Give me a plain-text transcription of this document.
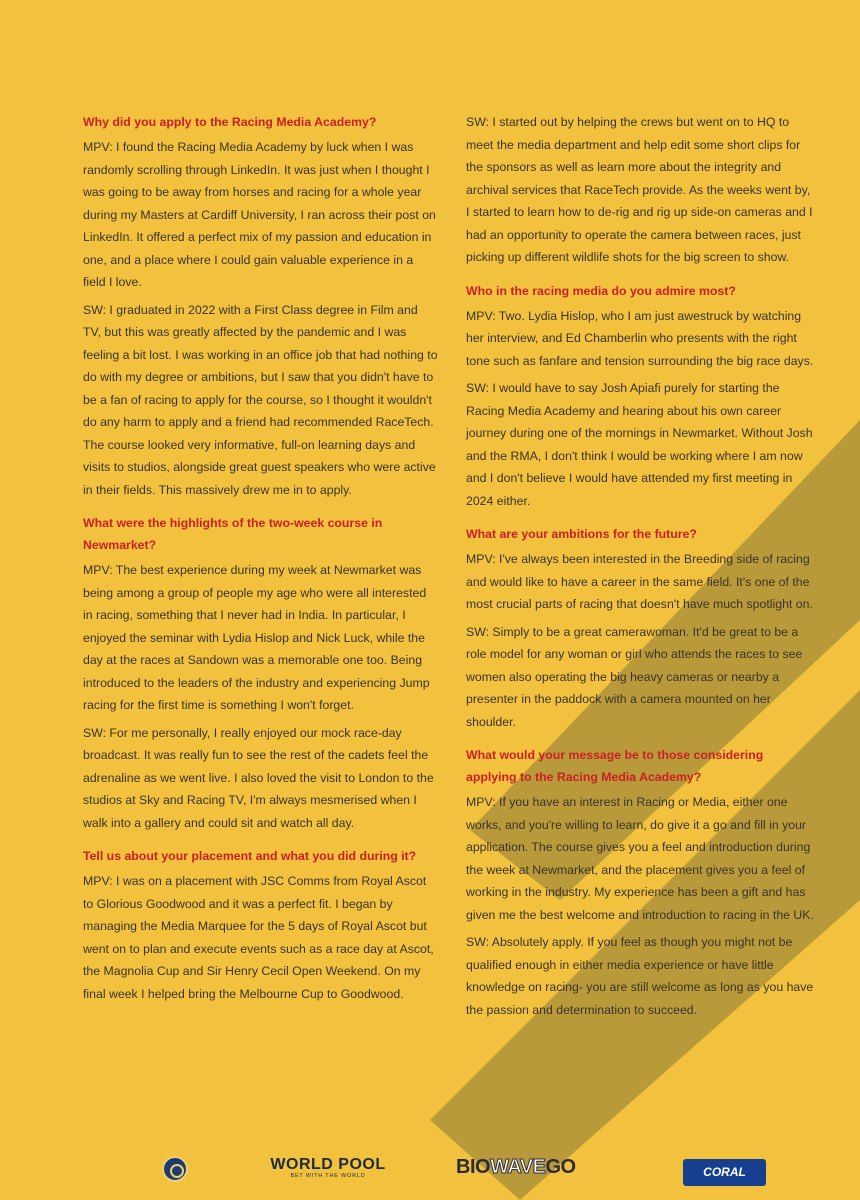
Why did you apply to the Racing Media Academy?
MPV: I found the Racing Media Academy by luck when I was randomly scrolling through LinkedIn. It was just when I thought I was going to be away from horses and racing for a whole year during my Masters at Cardiff University, I ran across their post on LinkedIn. It offered a perfect mix of my passion and education in one, and a place where I could gain valuable experience in a field I love.
SW: I graduated in 2022 with a First Class degree in Film and TV, but this was greatly affected by the pandemic and I was feeling a bit lost. I was working in an office job that had nothing to do with my degree or ambitions, but I saw that you didn't have to be a fan of racing to apply for the course, so I thought it wouldn't do any harm to apply and a friend had recommended RaceTech. The course looked very informative, full-on learning days and visits to studios, alongside great guest speakers who were active in their fields. This massively drew me in to apply.
What were the highlights of the two-week course in Newmarket?
MPV: The best experience during my week at Newmarket was being among a group of people my age who were all interested in racing, something that I never had in India. In particular, I enjoyed the seminar with Lydia Hislop and Nick Luck, while the day at the races at Sandown was a memorable one too. Being introduced to the leaders of the industry and experiencing Jump racing for the first time is something I won't forget.
SW: For me personally, I really enjoyed our mock race-day broadcast. It was really fun to see the rest of the cadets feel the adrenaline as we went live. I also loved the visit to London to the studios at Sky and Racing TV, I'm always mesmerised when I walk into a gallery and could sit and watch all day.
Tell us about your placement and what you did during it?
MPV: I was on a placement with JSC Comms from Royal Ascot to Glorious Goodwood and it was a perfect fit. I began by managing the Media Marquee for the 5 days of Royal Ascot but went on to plan and execute events such as a race day at Ascot, the Magnolia Cup and Sir Henry Cecil Open Weekend. On my final week I helped bring the Melbourne Cup to Goodwood.
SW: I started out by helping the crews but went on to HQ to meet the media department and help edit some short clips for the sponsors as well as learn more about the integrity and archival services that RaceTech provide. As the weeks went by, I started to learn how to de-rig and rig up side-on cameras and I had an opportunity to operate the camera between races, just picking up different wildlife shots for the big screen to show.
Who in the racing media do you admire most?
MPV: Two. Lydia Hislop, who I am just awestruck by watching her interview, and Ed Chamberlin who presents with the right tone such as fanfare and tension surrounding the big race days.
SW: I would have to say Josh Apiafi purely for starting the Racing Media Academy and hearing about his own career journey during one of the mornings in Newmarket. Without Josh and the RMA, I don't think I would be working where I am now and I don't believe I would have attended my first meeting in 2024 either.
What are your ambitions for the future?
MPV: I've always been interested in the Breeding side of racing and would like to have a career in the same field. It's one of the most crucial parts of racing that doesn't have much spotlight on.
SW: Simply to be a great camerawoman. It'd be great to be a role model for any woman or girl who attends the races to see women also operating the big heavy cameras or nearby a presenter in the paddock with a camera mounted on her shoulder.
What would your message be to those considering applying to the Racing Media Academy?
MPV: If you have an interest in Racing or Media, either one works, and you're willing to learn, do give it a go and fill in your application. The course gives you a feel and introduction during the week at Newmarket, and the placement gives you a feel of working in the industry. My experience has been a gift and has given me the best welcome and introduction to racing in the UK.
SW: Absolutely apply. If you feel as though you might not be qualified enough in either media experience or have little knowledge on racing- you are still welcome as long as you have the passion and determination to succeed.
WORLD POOL
BET WITH THE WORLD	BIOWAVEGO	CORAL
